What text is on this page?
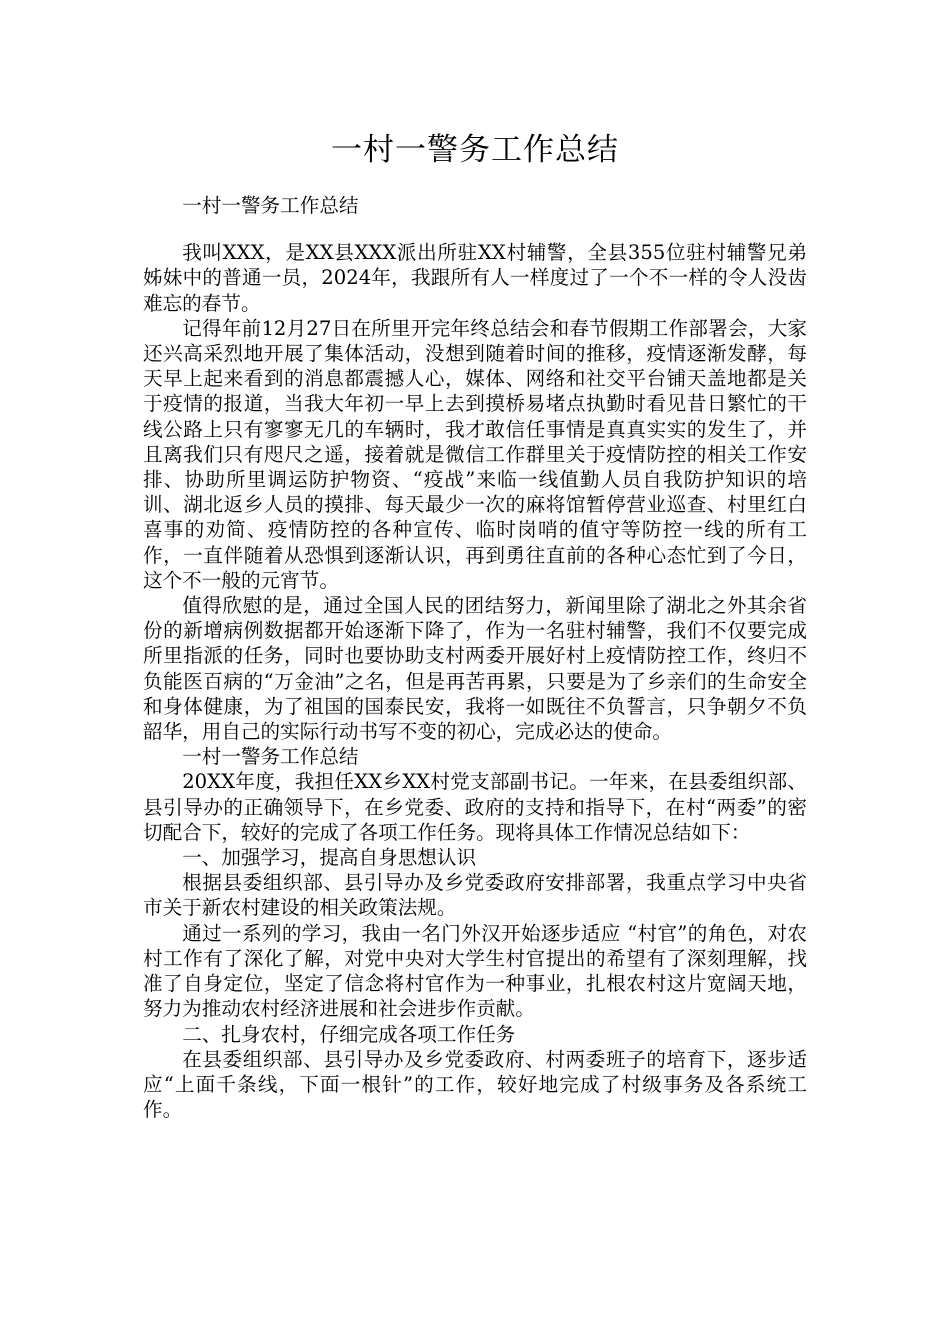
一村一警务工作总结

一村一警务工作总结

我叫XXX，是XX县XXX派出所驻XX村辅警，全县355位驻村辅警兄弟姊妹中的普通一员，2024年，我跟所有人一样度过了一个不一样的令人没齿难忘的春节。

记得年前12月27日在所里开完年终总结会和春节假期工作部署会，大家还兴高采烈地开展了集体活动，没想到随着时间的推移，疫情逐渐发酵，每天早上起来看到的消息都震撼人心，媒体、网络和社交平台铺天盖地都是关于疫情的报道，当我大年初一早上去到摸桥易堵点执勤时看见昔日繁忙的干线公路上只有寥寥无几的车辆时，我才敢信任事情是真真实实的发生了，并且离我们只有咫尺之遥，接着就是微信工作群里关于疫情防控的相关工作安排、协助所里调运防护物资、“疫战”来临一线值勤人员自我防护知识的培训、湖北返乡人员的摸排、每天最少一次的麻将馆暂停营业巡查、村里红白喜事的劝简、疫情防控的各种宣传、临时岗哨的值守等防控一线的所有工作，一直伴随着从恐惧到逐渐认识，再到勇往直前的各种心态忙到了今日，这个不一般的元宵节。

值得欣慰的是，通过全国人民的团结努力，新闻里除了湖北之外其余省份的新增病例数据都开始逐渐下降了，作为一名驻村辅警，我们不仅要完成所里指派的任务，同时也要协助支村两委开展好村上疫情防控工作，终归不负能医百病的“万金油”之名，但是再苦再累，只要是为了乡亲们的生命安全和身体健康，为了祖国的国泰民安，我将一如既往不负誓言，只争朝夕不负韶华，用自己的实际行动书写不变的初心，完成必达的使命。

一村一警务工作总结

20XX年度，我担任XX乡XX村党支部副书记。一年来，在县委组织部、县引导办的正确领导下，在乡党委、政府的支持和指导下，在村“两委”的密切配合下，较好的完成了各项工作任务。现将具体工作情况总结如下：

一、加强学习，提高自身思想认识

根据县委组织部、县引导办及乡党委政府安排部署，我重点学习中央省市关于新农村建设的相关政策法规。

通过一系列的学习，我由一名门外汉开始逐步适应 “村官”的角色，对农村工作有了深化了解，对党中央对大学生村官提出的希望有了深刻理解，找准了自身定位，坚定了信念将村官作为一种事业，扎根农村这片宽阔天地，努力为推动农村经济进展和社会进步作贡献。

二、扎身农村，仔细完成各项工作任务

在县委组织部、县引导办及乡党委政府、村两委班子的培育下，逐步适应“上面千条线，下面一根针”的工作，较好地完成了村级事务及各系统工作。
